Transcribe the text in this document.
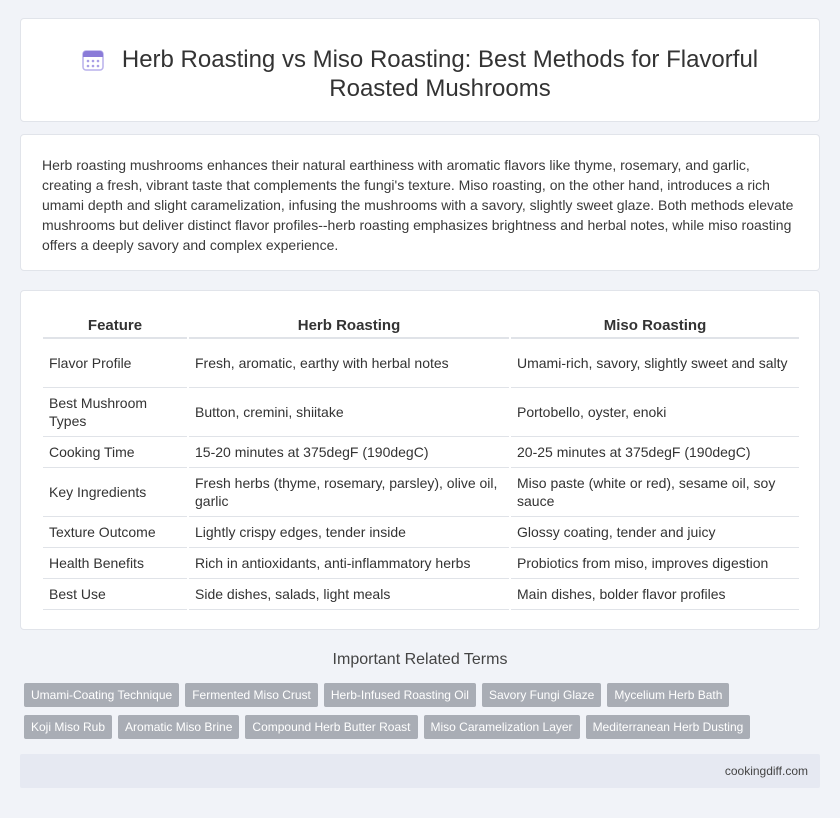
Herb Roasting vs Miso Roasting: Best Methods for Flavorful Roasted Mushrooms

Herb roasting mushrooms enhances their natural earthiness with aromatic flavors like thyme, rosemary, and garlic, creating a fresh, vibrant taste that complements the fungi's texture. Miso roasting, on the other hand, introduces a rich umami depth and slight caramelization, infusing the mushrooms with a savory, slightly sweet glaze. Both methods elevate mushrooms but deliver distinct flavor profiles--herb roasting emphasizes brightness and herbal notes, while miso roasting offers a deeply savory and complex experience.

Feature	Herb Roasting	Miso Roasting
Flavor Profile	Fresh, aromatic, earthy with herbal notes	Umami-rich, savory, slightly sweet and salty
Best Mushroom Types	Button, cremini, shiitake	Portobello, oyster, enoki
Cooking Time	15-20 minutes at 375degF (190degC)	20-25 minutes at 375degF (190degC)
Key Ingredients	Fresh herbs (thyme, rosemary, parsley), olive oil, garlic	Miso paste (white or red), sesame oil, soy sauce
Texture Outcome	Lightly crispy edges, tender inside	Glossy coating, tender and juicy
Health Benefits	Rich in antioxidants, anti-inflammatory herbs	Probiotics from miso, improves digestion
Best Use	Side dishes, salads, light meals	Main dishes, bolder flavor profiles
Important Related Terms
Umami-Coating Technique	Fermented Miso Crust	Herb-Infused Roasting Oil	Savory Fungi Glaze	Mycelium Herb Bath
Koji Miso Rub	Aromatic Miso Brine	Compound Herb Butter Roast	Miso Caramelization Layer	Mediterranean Herb Dusting
cookingdiff.com
